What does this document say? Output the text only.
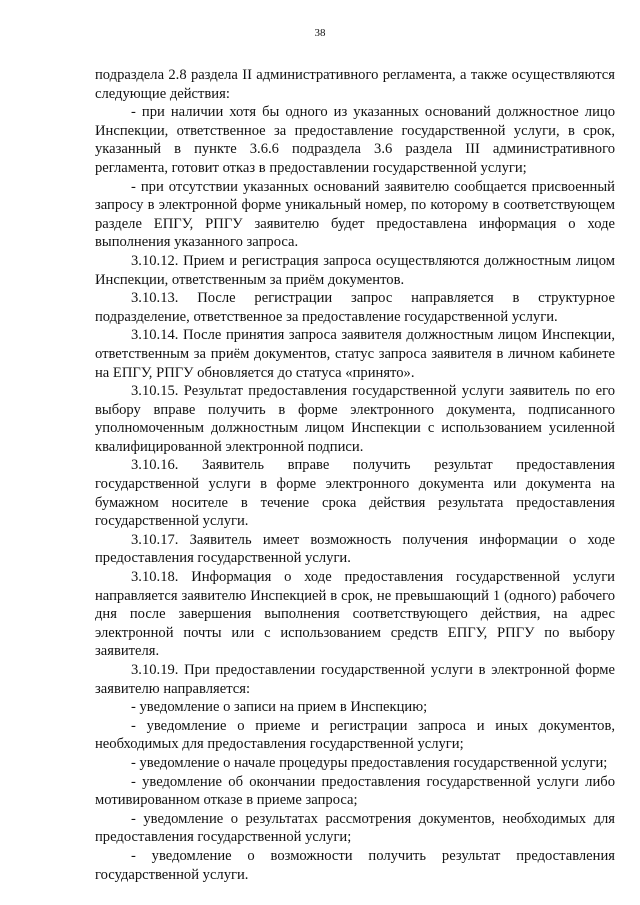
38

подраздела 2.8 раздела II административного регламента, а также осуществляются следующие действия:

- при наличии хотя бы одного из указанных оснований должностное лицо Инспекции, ответственное за предоставление государственной услуги, в срок, указанный в пункте 3.6.6 подраздела 3.6 раздела III административного регламента, готовит отказ в предоставлении государственной услуги;

- при отсутствии указанных оснований заявителю сообщается присвоенный запросу в электронной форме уникальный номер, по которому в соответствующем разделе ЕПГУ, РПГУ заявителю будет предоставлена информация о ходе выполнения указанного запроса.

3.10.12. Прием и регистрация запроса осуществляются должностным лицом Инспекции, ответственным за приём документов.

3.10.13. После регистрации запрос направляется в структурное подразделение, ответственное за предоставление государственной услуги.

3.10.14. После принятия запроса заявителя должностным лицом Инспекции, ответственным за приём документов, статус запроса заявителя в личном кабинете на ЕПГУ, РПГУ обновляется до статуса «принято».

3.10.15. Результат предоставления государственной услуги заявитель по его выбору вправе получить в форме электронного документа, подписанного уполномоченным должностным лицом Инспекции с использованием усиленной квалифицированной электронной подписи.

3.10.16. Заявитель вправе получить результат предоставления государственной услуги в форме электронного документа или документа на бумажном носителе в течение срока действия результата предоставления государственной услуги.

3.10.17. Заявитель имеет возможность получения информации о ходе предоставления государственной услуги.

3.10.18. Информация о ходе предоставления государственной услуги направляется заявителю Инспекцией в срок, не превышающий 1 (одного) рабочего дня после завершения выполнения соответствующего действия, на адрес электронной почты или с использованием средств ЕПГУ, РПГУ по выбору заявителя.

3.10.19. При предоставлении государственной услуги в электронной форме заявителю направляется:

- уведомление о записи на прием в Инспекцию;

- уведомление о приеме и регистрации запроса и иных документов, необходимых для предоставления государственной услуги;

- уведомление о начале процедуры предоставления государственной услуги;

- уведомление об окончании предоставления государственной услуги либо мотивированном отказе в приеме запроса;

- уведомление о результатах рассмотрения документов, необходимых для предоставления государственной услуги;

- уведомление о возможности получить результат предоставления государственной услуги.
